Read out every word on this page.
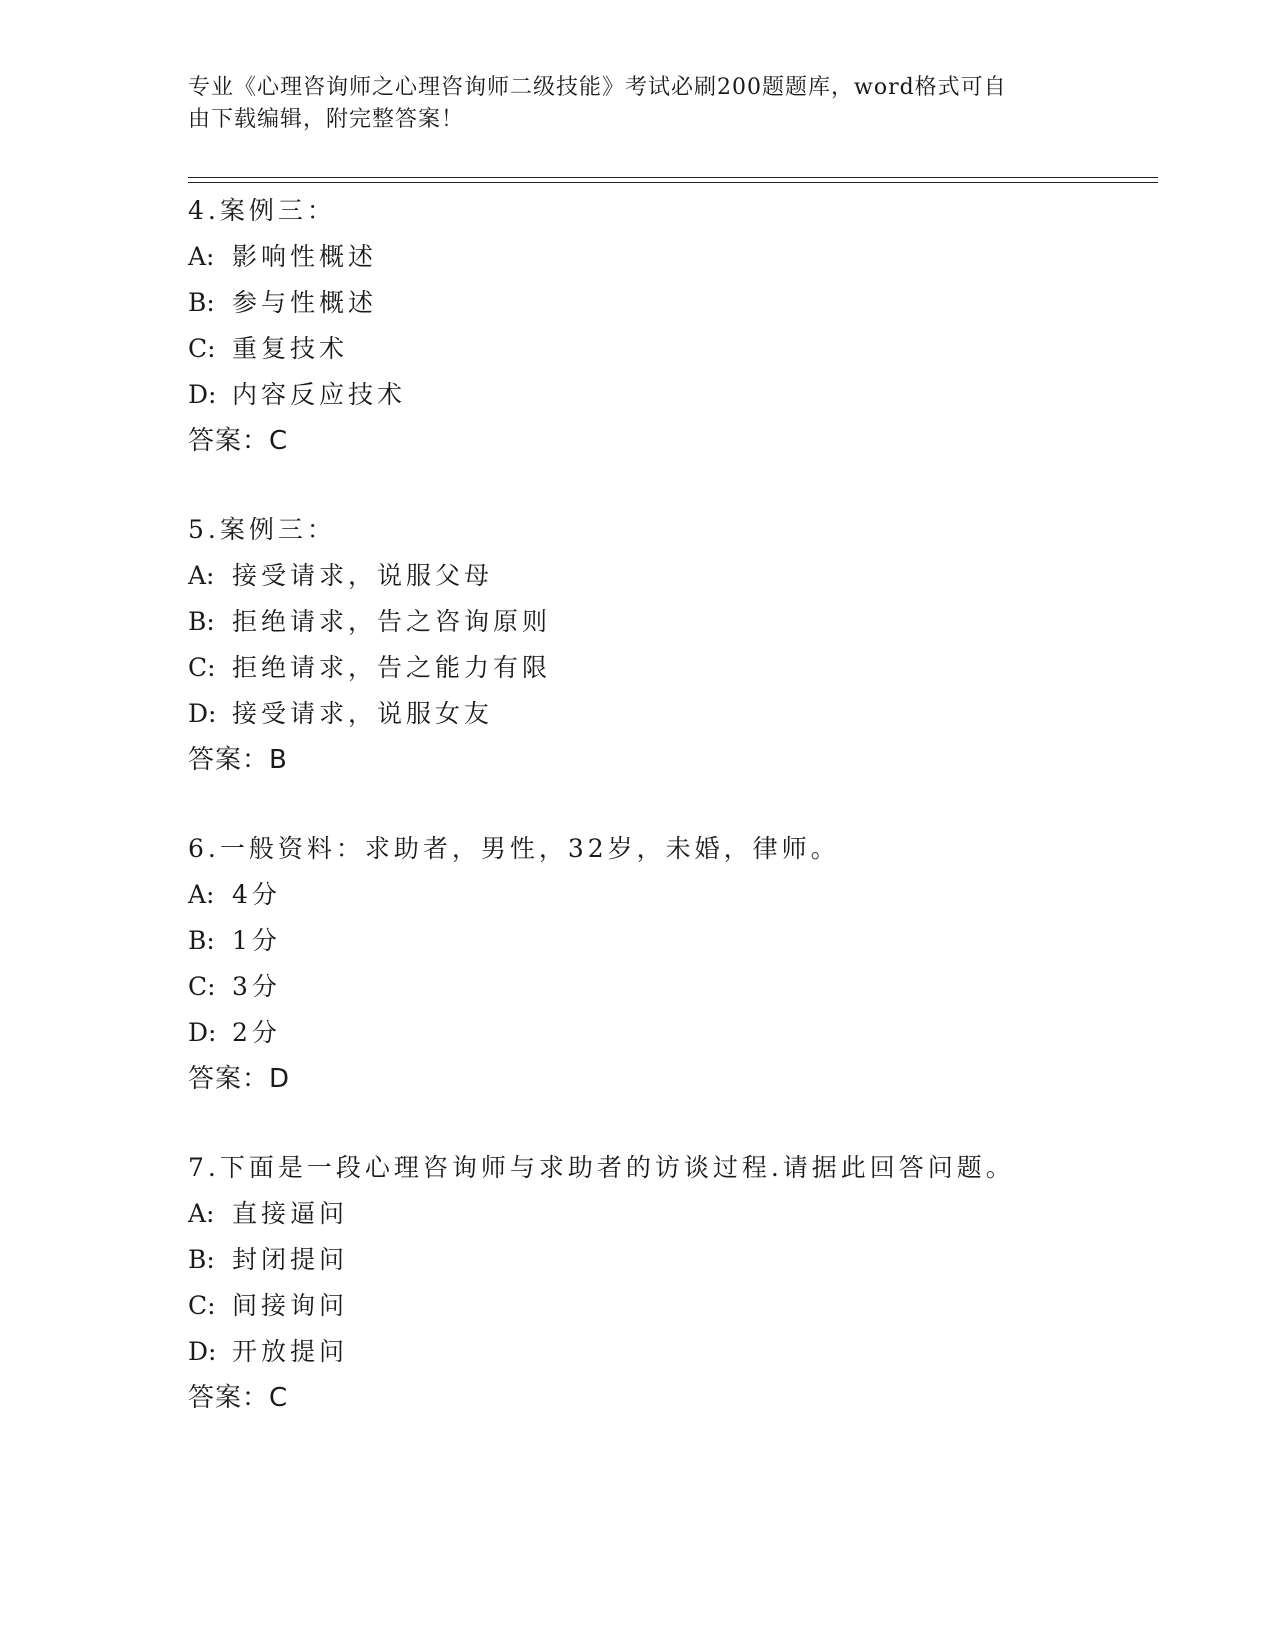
专业《心理咨询师之心理咨询师二级技能》考试必刷200题题库，word格式可自
由下载编辑，附完整答案！
4.案例三：
A: 影响性概述
B: 参与性概述
C: 重复技术
D: 内容反应技术
答案：C
5.案例三：
A: 接受请求，说服父母
B: 拒绝请求，告之咨询原则
C: 拒绝请求，告之能力有限
D: 接受请求，说服女友
答案：B
6.一般资料：求助者，男性，32岁，未婚，律师。
A: 4分
B: 1分
C: 3分
D: 2分
答案：D
7.下面是一段心理咨询师与求助者的访谈过程.请据此回答问题。
A: 直接逼问
B: 封闭提问
C: 间接询问
D: 开放提问
答案：C
